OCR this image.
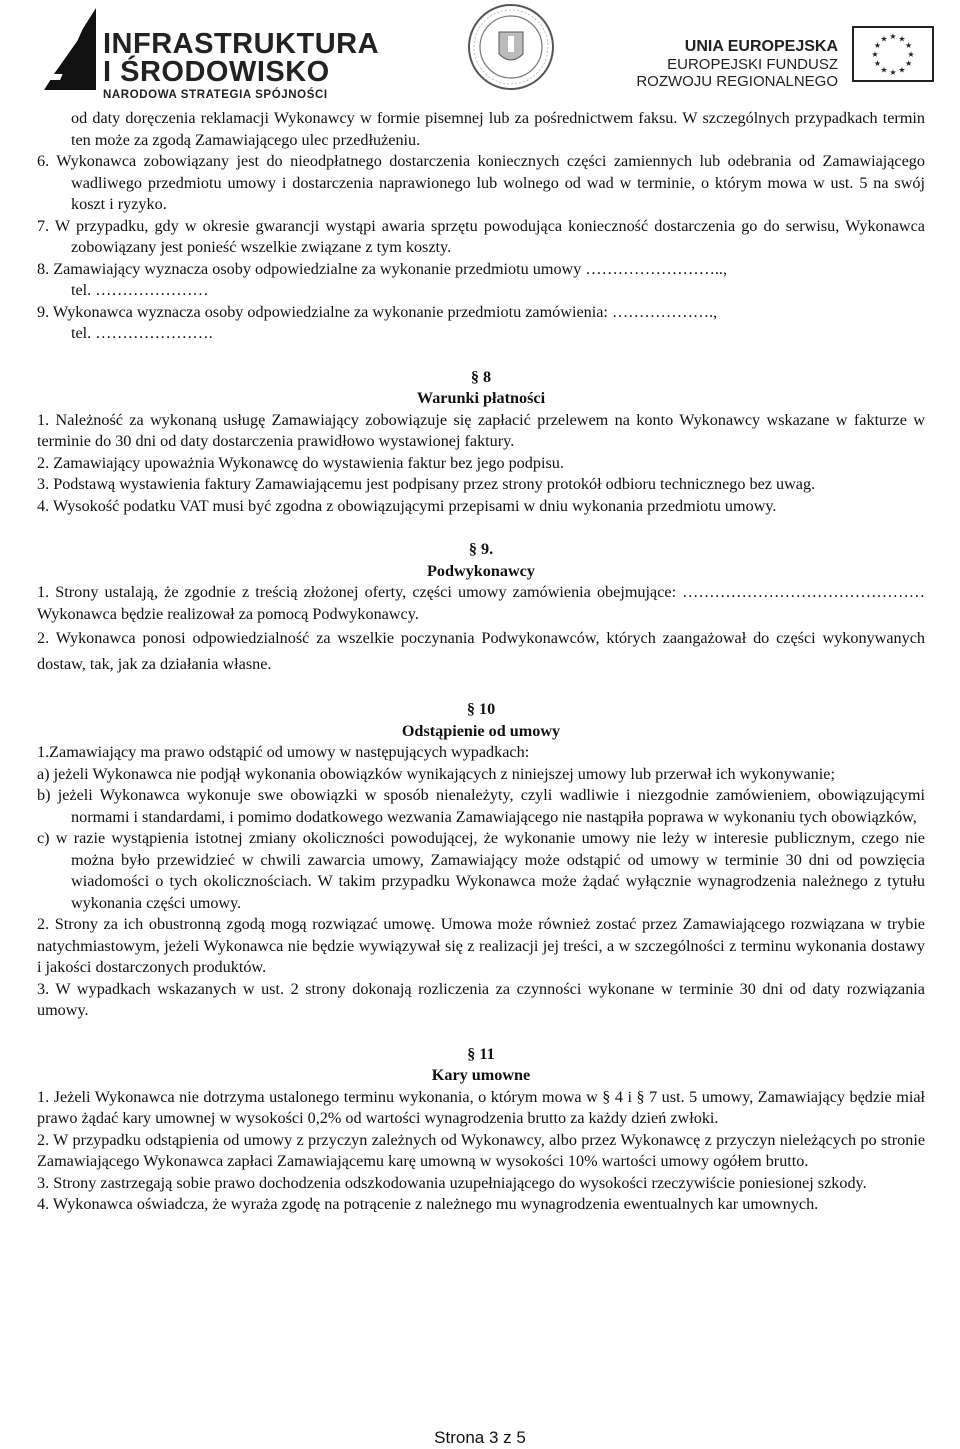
INFRASTRUKTURA
I ŚRODOWISKO
NARODOWA STRATEGIA SPÓJNOŚCI
UNIA EUROPEJSKA
EUROPEJSKI FUNDUSZ
ROZWOJU REGIONALNEGO
★ ★
★
★
★
★
★
★
★
★
★
★

od daty doręczenia reklamacji Wykonawcy w formie pisemnej lub za pośrednictwem faksu. W szczególnych przypadkach termin ten może za zgodą Zamawiającego ulec przedłużeniu.

6. Wykonawca zobowiązany jest do nieodpłatnego dostarczenia koniecznych części zamiennych lub odebrania od Zamawiającego wadliwego przedmiotu umowy i dostarczenia naprawionego lub wolnego od wad w terminie, o którym mowa w ust. 5 na swój koszt i ryzyko.

7. W przypadku, gdy w okresie gwarancji wystąpi awaria sprzętu powodująca konieczność dostarczenia go do serwisu, Wykonawca zobowiązany jest ponieść wszelkie związane z tym koszty.

8. Zamawiający wyznacza osoby odpowiedzialne za wykonanie przedmiotu umowy ……………………..,

tel. …………………

9. Wykonawca wyznacza osoby odpowiedzialne za wykonanie przedmiotu zamówienia: ……………….,

tel. ………………….

§ 8

Warunki płatności

1. Należność za wykonaną usługę Zamawiający zobowiązuje się zapłacić przelewem na konto Wykonawcy wskazane w fakturze w terminie do 30 dni od daty dostarczenia prawidłowo wystawionej faktury.

2. Zamawiający upoważnia Wykonawcę do wystawienia faktur bez jego podpisu.

3. Podstawą wystawienia faktury Zamawiającemu jest podpisany przez strony protokół odbioru technicznego bez uwag.

4. Wysokość podatku VAT musi być zgodna z obowiązującymi przepisami w dniu wykonania przedmiotu umowy.

§ 9.

Podwykonawcy

1. Strony ustalają, że zgodnie z treścią złożonej oferty, części umowy zamówienia obejmujące: ……………………………………… Wykonawca będzie realizował za pomocą Podwykonawcy.

2. Wykonawca ponosi odpowiedzialność za wszelkie poczynania Podwykonawców, których zaangażował do części wykonywanych dostaw, tak, jak za działania własne.

§ 10

Odstąpienie od umowy

1.Zamawiający ma prawo odstąpić od umowy w następujących wypadkach:

a) jeżeli Wykonawca nie podjął wykonania obowiązków wynikających z niniejszej umowy lub przerwał ich wykonywanie;

b) jeżeli Wykonawca wykonuje swe obowiązki w sposób nienależyty, czyli wadliwie i niezgodnie zamówieniem, obowiązującymi normami i standardami, i pomimo dodatkowego wezwania Zamawiającego nie nastąpiła poprawa w wykonaniu tych obowiązków,

c) w razie wystąpienia istotnej zmiany okoliczności powodującej, że wykonanie umowy nie leży w interesie publicznym, czego nie można było przewidzieć w chwili zawarcia umowy, Zamawiający może odstąpić od umowy w terminie 30 dni od powzięcia wiadomości o tych okolicznościach. W takim przypadku Wykonawca może żądać wyłącznie wynagrodzenia należnego z tytułu wykonania części umowy.

2. Strony za ich obustronną zgodą mogą rozwiązać umowę. Umowa może również zostać przez Zamawiającego rozwiązana w trybie natychmiastowym, jeżeli Wykonawca nie będzie wywiązywał się z realizacji jej treści, a w szczególności z terminu wykonania dostawy i jakości dostarczonych produktów.

3. W wypadkach wskazanych w ust. 2 strony dokonają rozliczenia za czynności wykonane w terminie 30 dni od daty rozwiązania umowy.

§ 11

Kary umowne

1. Jeżeli Wykonawca nie dotrzyma ustalonego terminu wykonania, o którym mowa w § 4 i § 7 ust. 5 umowy, Zamawiający będzie miał prawo żądać kary umownej w wysokości 0,2% od wartości wynagrodzenia brutto za każdy dzień zwłoki.

2. W przypadku odstąpienia od umowy z przyczyn zależnych od Wykonawcy, albo przez Wykonawcę z przyczyn nieleżących po stronie Zamawiającego Wykonawca zapłaci Zamawiającemu karę umowną w wysokości 10% wartości umowy ogółem brutto.

3. Strony zastrzegają sobie prawo dochodzenia odszkodowania uzupełniającego do wysokości rzeczywiście poniesionej szkody.

4. Wykonawca oświadcza, że wyraża zgodę na potrącenie z należnego mu wynagrodzenia ewentualnych kar umownych.

Strona 3 z 5
